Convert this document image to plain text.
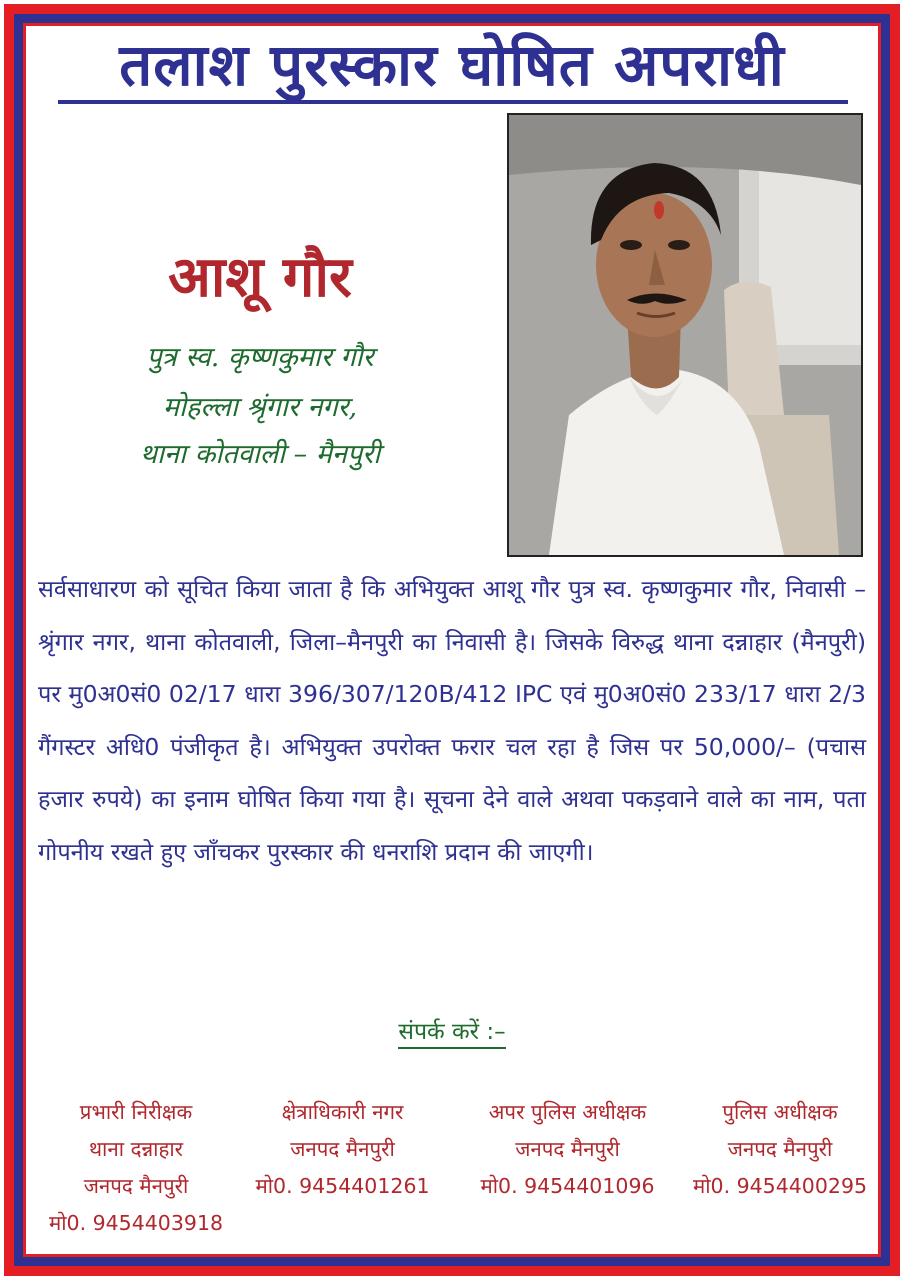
तलाश पुरस्कार घोषित अपराधी
आशू गौर
पुत्र स्व. कृष्णकुमार गौर
मोहल्ला श्रृंगार नगर,
थाना कोतवाली – मैनपुरी
सर्वसाधारण को सूचित किया जाता है कि अभियुक्त आशू गौर पुत्र स्व. कृष्णकुमार गौर, निवासी – श्रृंगार नगर, थाना कोतवाली, जिला–मैनपुरी का निवासी है। जिसके विरुद्ध थाना दन्नाहार (मैनपुरी) पर मु0अ0सं0 02/17 धारा 396/307/120B/412 IPC एवं मु0अ0सं0 233/17 धारा 2/3 गैंगस्टर अधि0 पंजीकृत है। अभियुक्त उपरोक्त फरार चल रहा है जिस पर 50,000/– (पचास हजार रुपये) का इनाम घोषित किया गया है। सूचना देने वाले अथवा पकड़वाने वाले का नाम, पता गोपनीय रखते हुए जाँचकर पुरस्कार की धनराशि प्रदान की जाएगी।
संपर्क करें :–
प्रभारी निरीक्षक
थाना दन्नाहार
जनपद मैनपुरी
मो0. 9454403918
क्षेत्राधिकारी नगर
जनपद मैनपुरी
मो0. 9454401261
अपर पुलिस अधीक्षक
जनपद मैनपुरी
मो0. 9454401096
पुलिस अधीक्षक
जनपद मैनपुरी
मो0. 9454400295
